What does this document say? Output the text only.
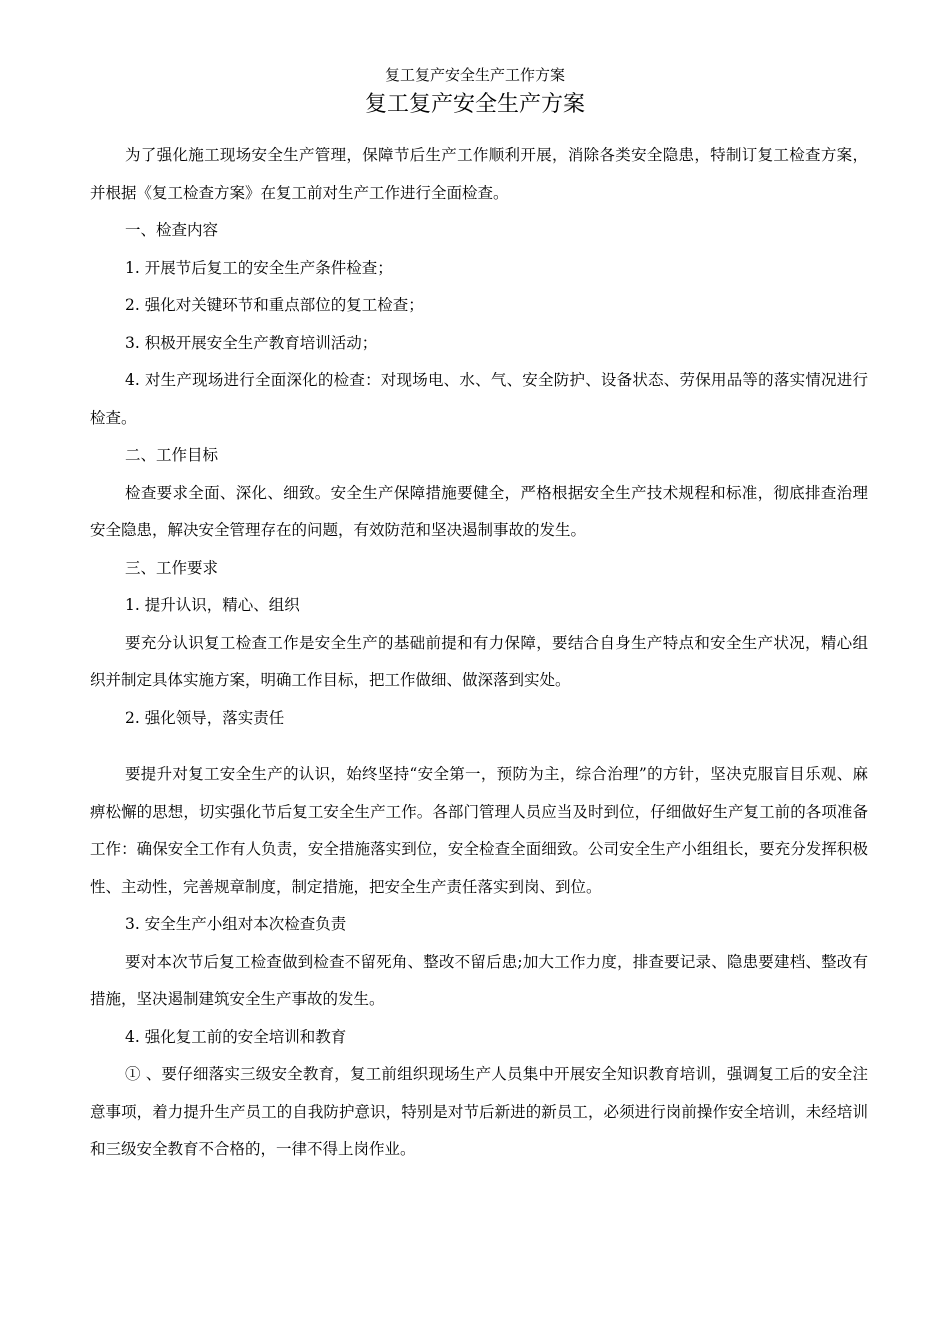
复工复产安全生产工作方案
复工复产安全生产方案

为了强化施工现场安全生产管理，保障节后生产工作顺利开展，消除各类安全隐患，特制订复工检查方案，并根据《复工检查方案》在复工前对生产工作进行全面检查。

一、检查内容

1. 开展节后复工的安全生产条件检查；

2. 强化对关键环节和重点部位的复工检查；

3. 积极开展安全生产教育培训活动；

4. 对生产现场进行全面深化的检查：对现场电、水、气、安全防护、设备状态、劳保用品等的落实情况进行检查。

二、工作目标

检查要求全面、深化、细致。安全生产保障措施要健全，严格根据安全生产技术规程和标准，彻底排查治理安全隐患，解决安全管理存在的问题，有效防范和坚决遏制事故的发生。

三、工作要求

1. 提升认识，精心、组织

要充分认识复工检查工作是安全生产的基础前提和有力保障，要结合自身生产特点和安全生产状况，精心组织并制定具体实施方案，明确工作目标，把工作做细、做深落到实处。

2. 强化领导，落实责任

要提升对复工安全生产的认识，始终坚持“安全第一，预防为主，综合治理”的方针，坚决克服盲目乐观、麻痹松懈的思想，切实强化节后复工安全生产工作。各部门管理人员应当及时到位，仔细做好生产复工前的各项准备工作：确保安全工作有人负责，安全措施落实到位，安全检查全面细致。公司安全生产小组组长，要充分发挥积极性、主动性，完善规章制度，制定措施，把安全生产责任落实到岗、到位。

3. 安全生产小组对本次检查负责

要对本次节后复工检查做到检查不留死角、整改不留后患;加大工作力度，排查要记录、隐患要建档、整改有措施，坚决遏制建筑安全生产事故的发生。

4. 强化复工前的安全培训和教育

① 、要仔细落实三级安全教育，复工前组织现场生产人员集中开展安全知识教育培训，强调复工后的安全注意事项，着力提升生产员工的自我防护意识，特别是对节后新进的新员工，必须进行岗前操作安全培训，未经培训和三级安全教育不合格的，一律不得上岗作业。
